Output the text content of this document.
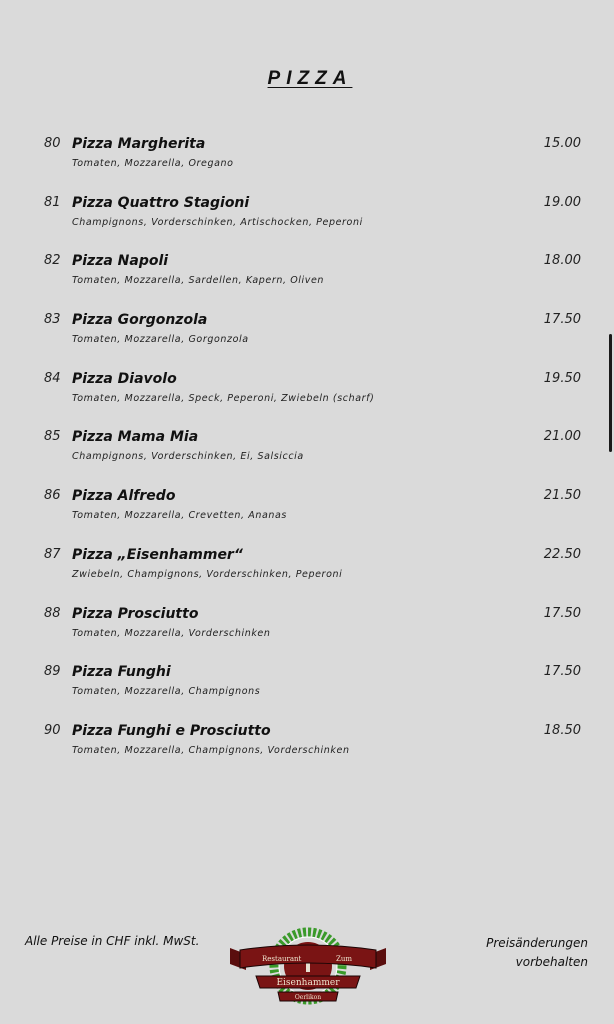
PIZZA
80 Pizza Margherita
Tomaten, Mozzarella, Oregano
15.00
81 Pizza Quattro Stagioni
Champignons, Vorderschinken, Artischocken, Peperoni
19.00
82 Pizza Napoli
Tomaten, Mozzarella, Sardellen, Kapern, Oliven
18.00
83 Pizza Gorgonzola
Tomaten, Mozzarella, Gorgonzola
17.50
84 Pizza Diavolo
Tomaten, Mozzarella, Speck, Peperoni, Zwiebeln (scharf)
19.50
85 Pizza Mama Mia
Champignons, Vorderschinken, Ei, Salsiccia
21.00
86 Pizza Alfredo
Tomaten, Mozzarella, Crevetten, Ananas
21.50
87 Pizza „Eisenhammer“
Zwiebeln, Champignons, Vorderschinken, Peperoni
22.50
88 Pizza Prosciutto
Tomaten, Mozzarella, Vorderschinken
17.50
89 Pizza Funghi
Tomaten, Mozzarella, Champignons
17.50
90 Pizza Funghi e Prosciutto
Tomaten, Mozzarella, Champignons, Vorderschinken
18.50
Alle Preise in CHF inkl. MwSt.	Preisänderungen
vorbehalten
Restaurant	Zum
Eisenhammer
Oerlikon
